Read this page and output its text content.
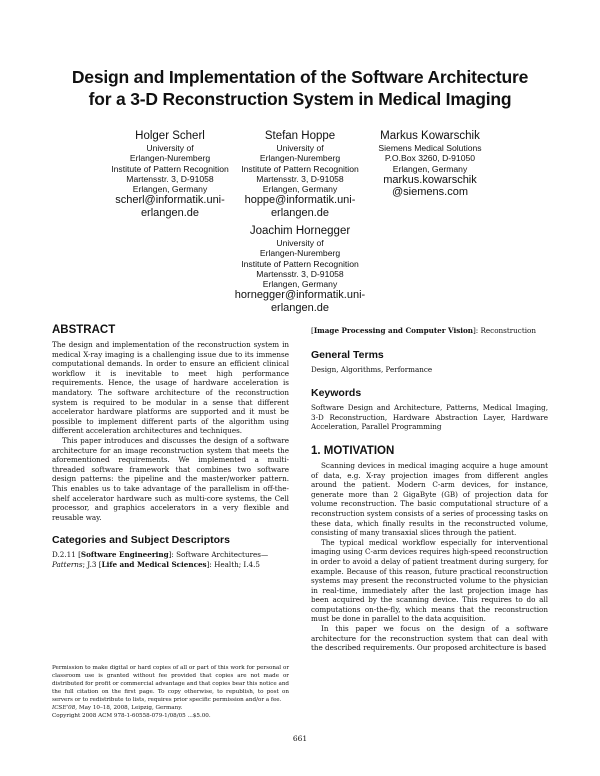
Design and Implementation of the Software Architecture
for a 3-D Reconstruction System in Medical Imaging
Holger Scherl
University of
Erlangen-Nuremberg
Institute of Pattern Recognition
Martensstr. 3, D-91058
Erlangen, Germany
scherl@informatik.uni-
erlangen.de
Stefan Hoppe
University of
Erlangen-Nuremberg
Institute of Pattern Recognition
Martensstr. 3, D-91058
Erlangen, Germany
hoppe@informatik.uni-
erlangen.de
Markus Kowarschik
Siemens Medical Solutions
P.O.Box 3260, D-91050
Erlangen, Germany
markus.kowarschik
@siemens.com
Joachim Hornegger
University of
Erlangen-Nuremberg
Institute of Pattern Recognition
Martensstr. 3, D-91058
Erlangen, Germany
hornegger@informatik.uni-
erlangen.de
ABSTRACT

The design and implementation of the reconstruction system in medical X-ray imaging is a challenging issue due to its immense computational demands. In order to ensure an efficient clinical workflow it is inevitable to meet high performance requirements. Hence, the usage of hardware acceleration is mandatory. The software architecture of the reconstruction system is required to be modular in a sense that different accelerator hardware platforms are supported and it must be possible to implement different parts of the algorithm using different acceleration architectures and techniques.

This paper introduces and discusses the design of a software architecture for an image reconstruction system that meets the aforementioned requirements. We implemented a multi-threaded software framework that combines two software design patterns: the pipeline and the master/worker pattern. This enables us to take advantage of the parallelism in off-the-shelf accelerator hardware such as multi-core systems, the Cell processor, and graphics accelerators in a very flexible and reusable way.

Categories and Subject Descriptors

D.2.11 [Software Engineering]: Software Architectures—Patterns; J.3 [Life and Medical Sciences]: Health; I.4.5

Permission to make digital or hard copies of all or part of this work for personal or classroom use is granted without fee provided that copies are not made or distributed for profit or commercial advantage and that copies bear this notice and the full citation on the first page. To copy otherwise, to republish, to post on servers or to redistribute to lists, requires prior specific permission and/or a fee.
ICSE’08, May 10–18, 2008, Leipzig, Germany.
Copyright 2008 ACM 978-1-60558-079-1/08/05 ...$5.00.

[Image Processing and Computer Vision]: Reconstruction

General Terms

Design, Algorithms, Performance

Keywords

Software Design and Architecture, Patterns, Medical Imaging, 3-D Reconstruction, Hardware Abstraction Layer, Hardware Acceleration, Parallel Programming

1. MOTIVATION

Scanning devices in medical imaging acquire a huge amount of data, e.g. X-ray projection images from different angles around the patient. Modern C-arm devices, for instance, generate more than 2 GigaByte (GB) of projection data for volume reconstruction. The basic computational structure of a reconstruction system consists of a series of processing tasks on these data, which finally results in the reconstructed volume, consisting of many transaxial slices through the patient.

The typical medical workflow especially for interventional imaging using C-arm devices requires high-speed reconstruction in order to avoid a delay of patient treatment during surgery, for example. Because of this reason, future practical reconstruction systems may present the reconstructed volume to the physician in real-time, immediately after the last projection image has been acquired by the scanning device. This requires to do all computations on-the-fly, which means that the reconstruction must be done in parallel to the data acquisition.

In this paper we focus on the design of a software architecture for the reconstruction system that can deal with the described requirements. Our proposed architecture is based

661
